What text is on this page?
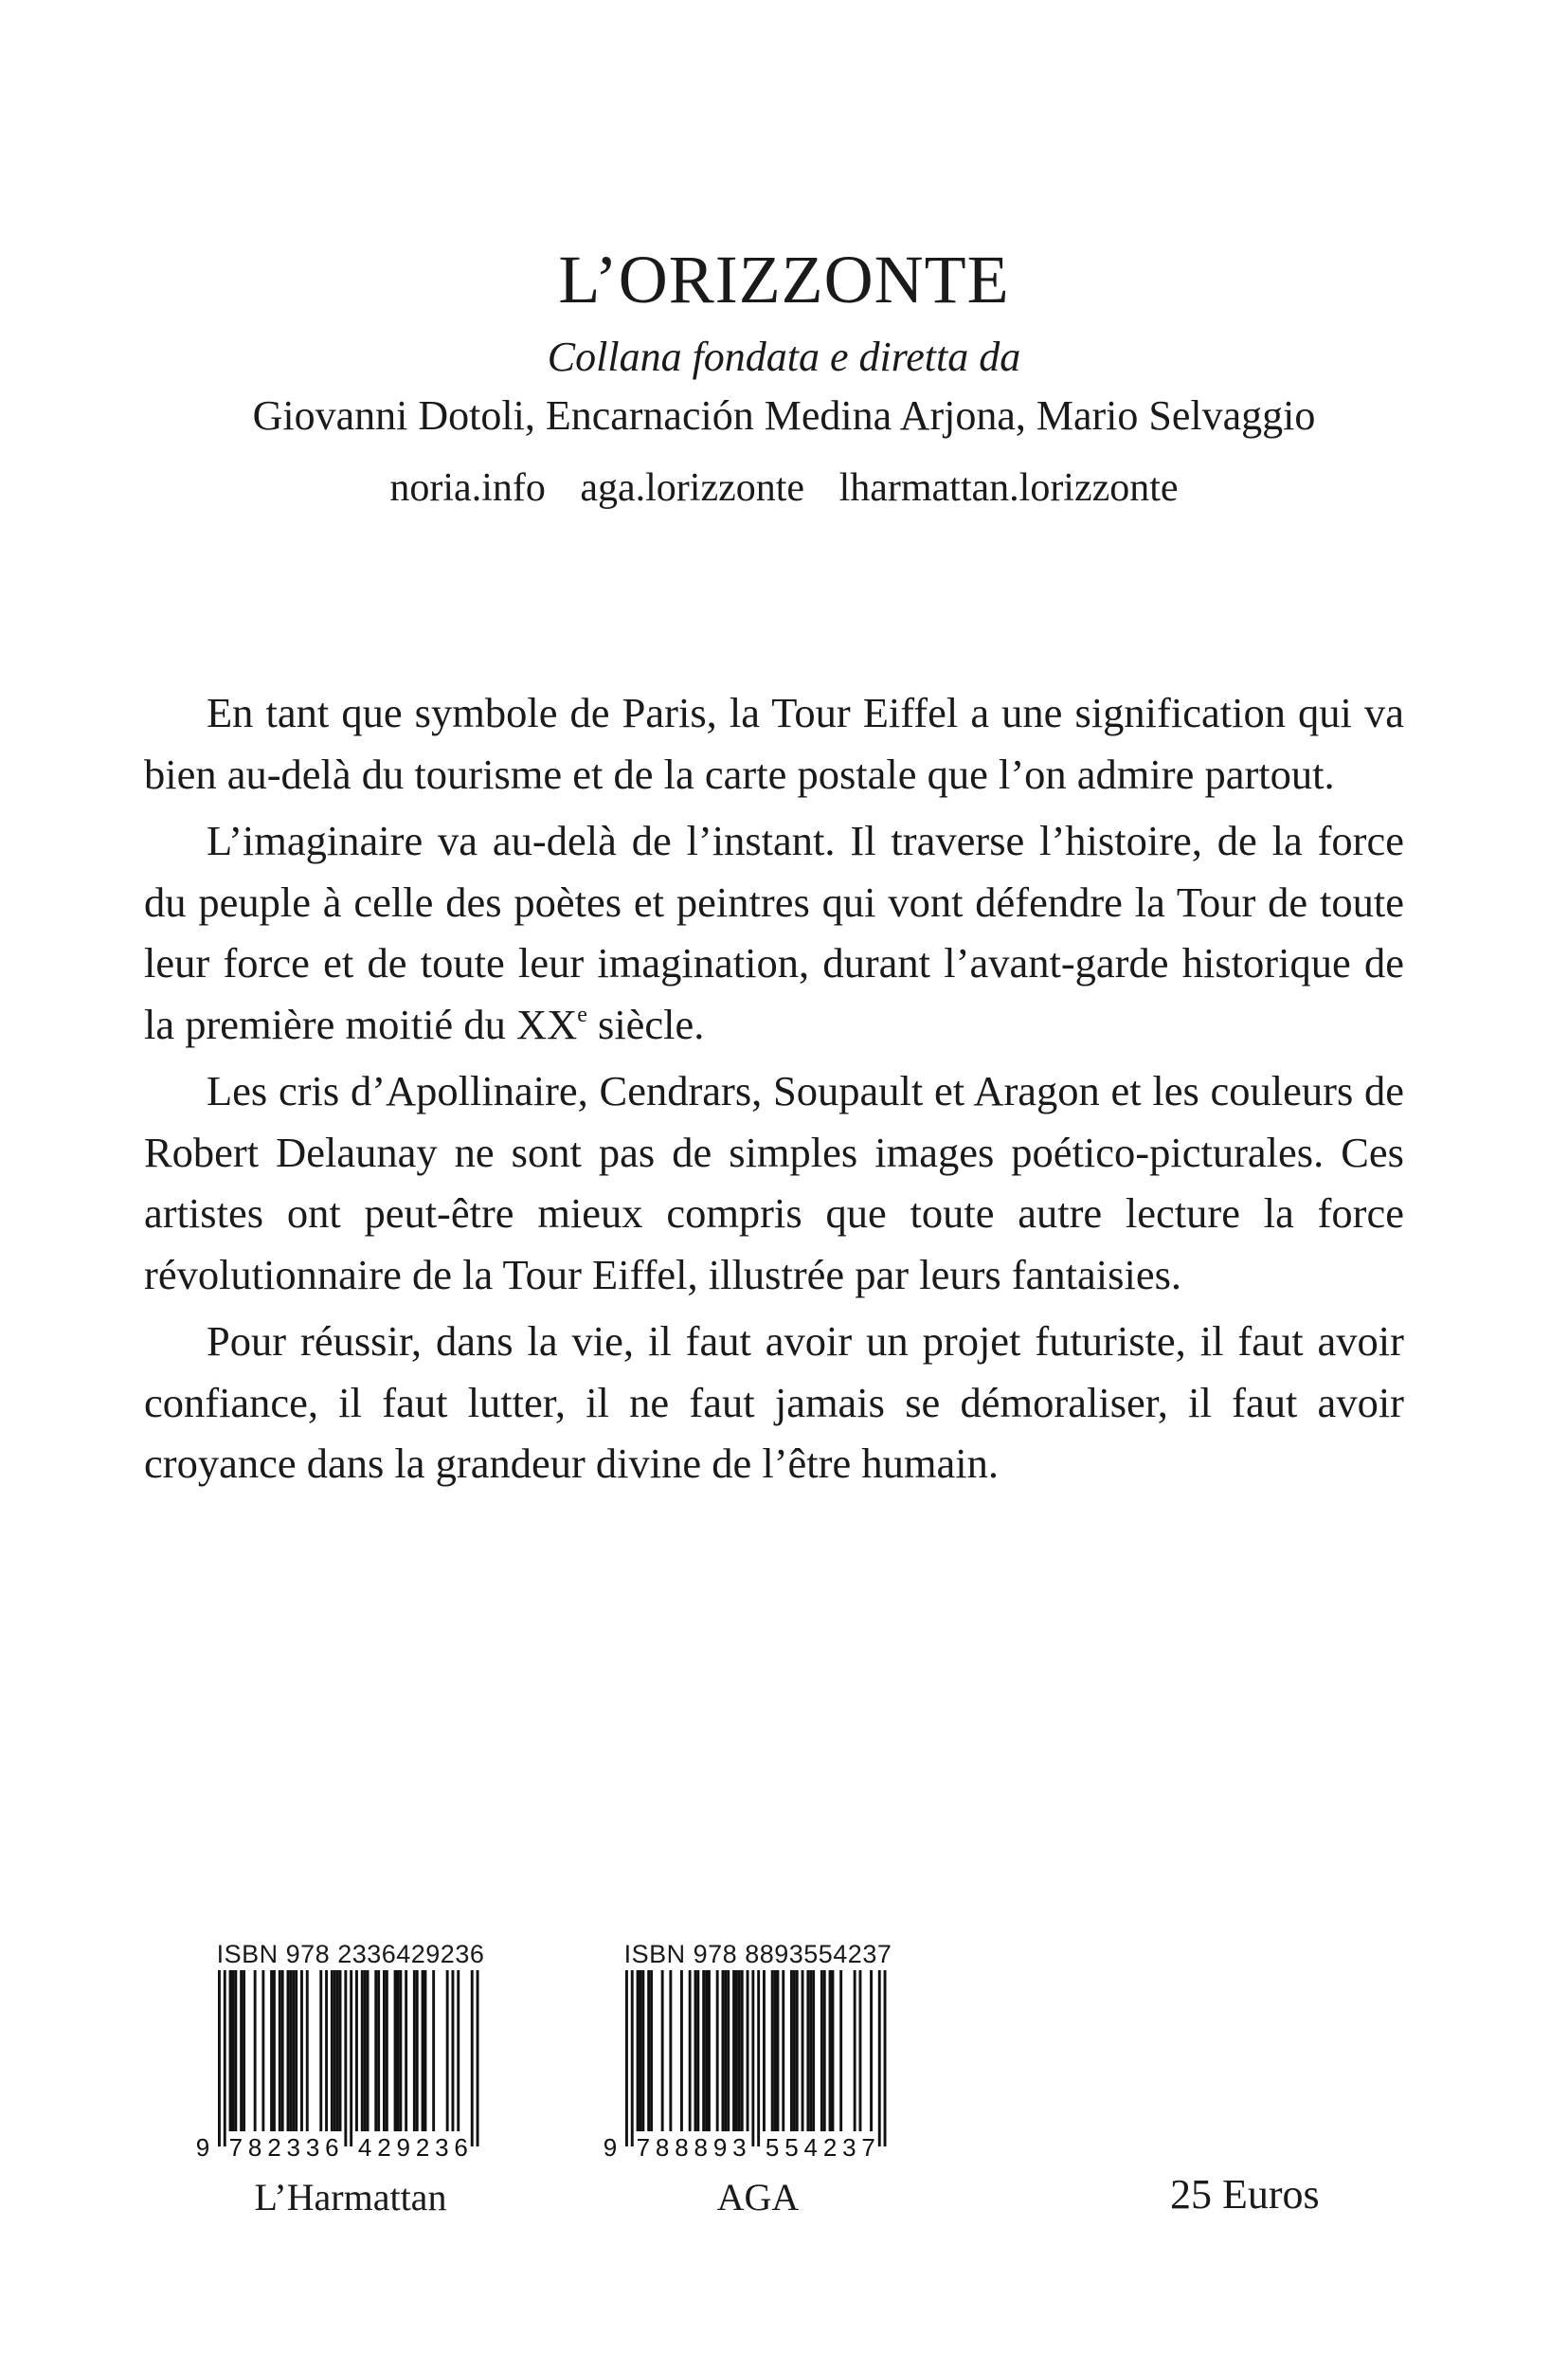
L’ORIZZONTE
Collana fondata e diretta da
Giovanni Dotoli, Encarnación Medina Arjona, Mario Selvaggio
noria.info aga.lorizzonte lharmattan.lorizzonte

En tant que symbole de Paris, la Tour Eiffel a une signification qui va bien au-delà du tourisme et de la carte postale que l’on admire partout.

L’imaginaire va au-delà de l’instant. Il traverse l’histoire, de la force du peuple à celle des poètes et peintres qui vont défendre la Tour de toute leur force et de toute leur imagination, durant l’avant-garde historique de la première moitié du XXe siècle.

Les cris d’Apollinaire, Cendrars, Soupault et Aragon et les couleurs de Robert Delaunay ne sont pas de simples images poético-picturales. Ces artistes ont peut-être mieux compris que toute autre lecture la force révolutionnaire de la Tour Eiffel, illustrée par leurs fantaisies.

Pour réussir, dans la vie, il faut avoir un projet futuriste, il faut avoir confiance, il faut lutter, il ne faut jamais se démoraliser, il faut avoir croyance dans la grandeur divine de l’être humain.

ISBN 978 2336429236
9 7 8 2 3 3 6 4 2 9 2 3 6
L’Harmattan
ISBN 978 8893554237
9 7 8 8 8 9 3 5 5 4 2 3 7
AGA	25 Euros
